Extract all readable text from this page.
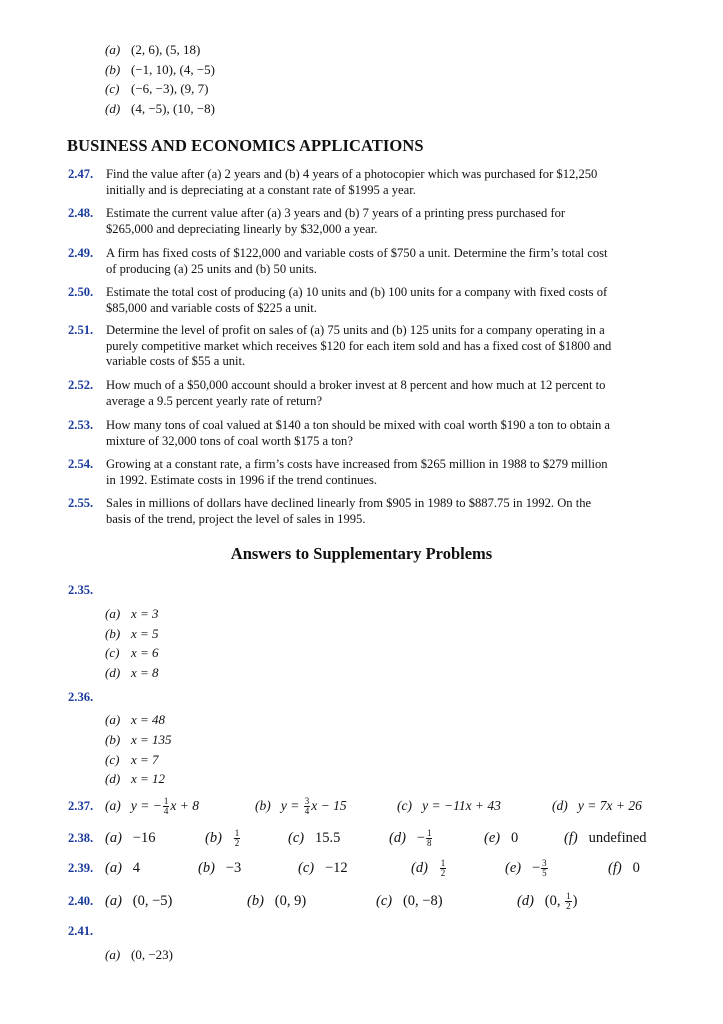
(a) (2, 6), (5, 18)
(b) (−1, 10), (4, −5)
(c) (−6, −3), (9, 7)
(d) (4, −5), (10, −8)
BUSINESS AND ECONOMICS APPLICATIONS
2.47. Find the value after (a) 2 years and (b) 4 years of a photocopier which was purchased for $12,250
initially and is depreciating at a constant rate of $1995 a year.
2.48. Estimate the current value after (a) 3 years and (b) 7 years of a printing press purchased for
$265,000 and depreciating linearly by $32,000 a year.
2.49. A firm has fixed costs of $122,000 and variable costs of $750 a unit. Determine the firm’s total cost
of producing (a) 25 units and (b) 50 units.
2.50. Estimate the total cost of producing (a) 10 units and (b) 100 units for a company with fixed costs of
$85,000 and variable costs of $225 a unit.
2.51. Determine the level of profit on sales of (a) 75 units and (b) 125 units for a company operating in a
purely competitive market which receives $120 for each item sold and has a fixed cost of $1800 and
variable costs of $55 a unit.
2.52. How much of a $50,000 account should a broker invest at 8 percent and how much at 12 percent to
average a 9.5 percent yearly rate of return?
2.53. How many tons of coal valued at $140 a ton should be mixed with coal worth $190 a ton to obtain a
mixture of 32,000 tons of coal worth $175 a ton?
2.54. Growing at a constant rate, a firm’s costs have increased from $265 million in 1988 to $279 million
in 1992. Estimate costs in 1996 if the trend continues.
2.55. Sales in millions of dollars have declined linearly from $905 in 1989 to $887.75 in 1992. On the
basis of the trend, project the level of sales in 1995.
Answers to Supplementary Problems
2.35.
(a) x = 3
(b) x = 5
(c) x = 6
(d) x = 8
2.36.
(a) x = 48
(b) x = 135
(c) x = 7
(d) x = 12
2.37. (a) y = − $\frac{1}{4}$ x + 8	(b) $y = \frac{3}{4}$ x − 15	(c) y = −11x + 43	(d) y = 7x + 26
2.38. (a) −16	$(b) \frac{1}{2}$	(c) 15.5	$(d) - \frac{1}{8}$	(e) 0	(f) undefined
2.39. (a) 4	(b) −3	(c) −12	$(d) \frac{1}{2}$	$(e) - \frac{3}{5}$	(f) 0
2.40. (a) (0, −5)	(b) (0, 9)	(c) (0, −8)	(d) (0, $\frac{1}{2}$ )
2.41.
(a) (0, −23)
